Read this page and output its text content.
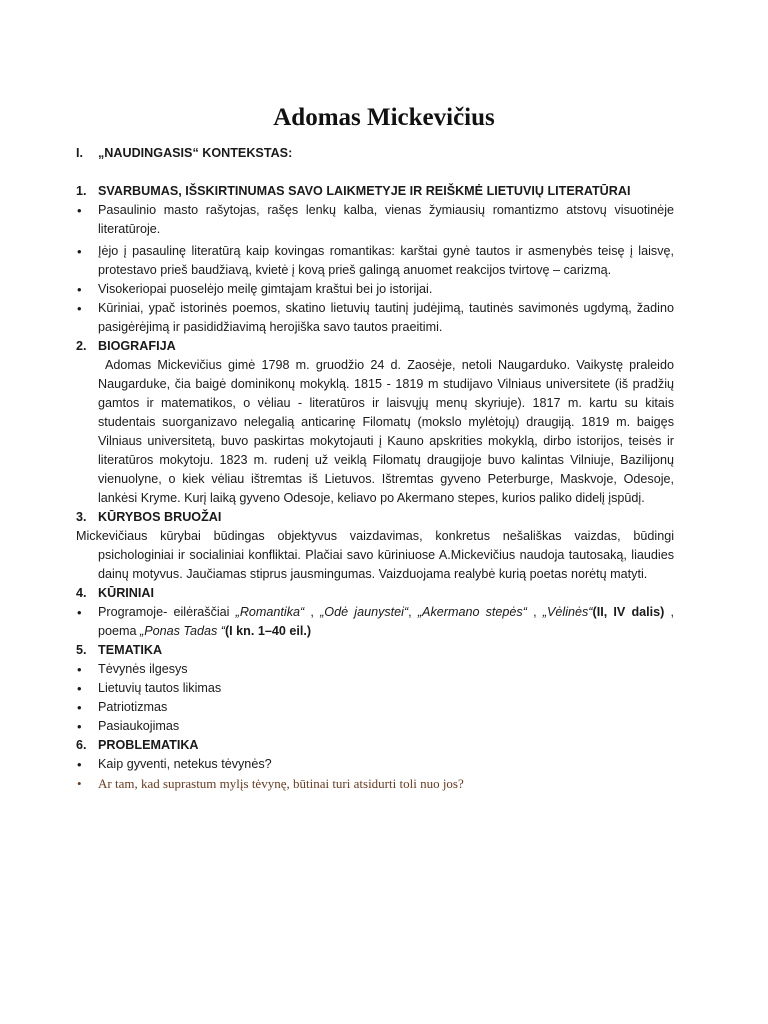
Adomas Mickevičius
I. „NAUDINGASIS“ KONTEKSTAS:
1. SVARBUMAS, IŠSKIRTINUMAS SAVO LAIKMETYJE IR REIŠKMĖ LIETUVIŲ LITERATŪRAI
• Pasaulinio masto rašytojas, rašęs lenkų kalba, vienas žymiausių romantizmo atstovų visuotinėje literatūroje.
• Įėjo į pasaulinę literatūrą kaip kovingas romantikas: karštai gynė tautos ir asmenybės teisę į laisvę, protestavo prieš baudžiavą, kvietė į kovą prieš galingą anuomet reakcijos tvirtovę – carizmą.
• Visokeriopai puoselėjo meilę gimtajam kraštui bei jo istorijai.
• Kūriniai, ypač istorinės poemos, skatino lietuvių tautinį judėjimą, tautinės savimonės ugdymą, žadino pasigėrėjimą ir pasididžiavimą herojiška savo tautos praeitimi.
2. BIOGRAFIJA
Adomas Mickevičius gimė 1798 m. gruodžio 24 d. Zaosėje, netoli Naugarduko. Vaikystę praleido Naugarduke, čia baigė dominikonų mokyklą. 1815 - 1819 m studijavo Vilniaus universitete (iš pradžių gamtos ir matematikos, o vėliau - literatūros ir laisvųjų menų skyriuje). 1817 m. kartu su kitais studentais suorganizavo nelegalią anticarinę Filomatų (mokslo mylėtojų) draugiją. 1819 m. baigęs Vilniaus universitetą, buvo paskirtas mokytojauti į Kauno apskrities mokyklą, dirbo istorijos, teisės ir literatūros mokytoju. 1823 m. rudenį už veiklą Filomatų draugijoje buvo kalintas Vilniuje, Bazilijonų vienuolyne, o kiek vėliau ištremtas iš Lietuvos. Ištremtas gyveno Peterburge, Maskvoje, Odesoje, lankėsi Kryme. Kurį laiką gyveno Odesoje, keliavo po Akermano stepes, kurios paliko didelį įspūdį.
3. KŪRYBOS BRUOŽAI
Mickevičiaus kūrybai būdingas objektyvus vaizdavimas, konkretus nešališkas vaizdas, būdingi psichologiniai ir socialiniai konfliktai. Plačiai savo kūriniuose A.Mickevičius naudoja tautosaką, liaudies dainų motyvus. Jaučiamas stiprus jausmingumas. Vaizduojama realybė kurią poetas norėtų matyti.
4. KŪRINIAI
• Programoje- eilėraščiai „Romantika“ , „Odė jaunystei“, „Akermano stepės“ , „Vėlinės“(II, IV dalis) , poema „Ponas Tadas “(I kn. 1–40 eil.)
5. TEMATIKA
• Tėvynės ilgesys
• Lietuvių tautos likimas
• Patriotizmas
• Pasiaukojimas
6. PROBLEMATIKA
• Kaip gyventi, netekus tėvynės?
• Ar tam, kad suprastum mylįs tėvynę, būtinai turi atsidurti toli nuo jos?
